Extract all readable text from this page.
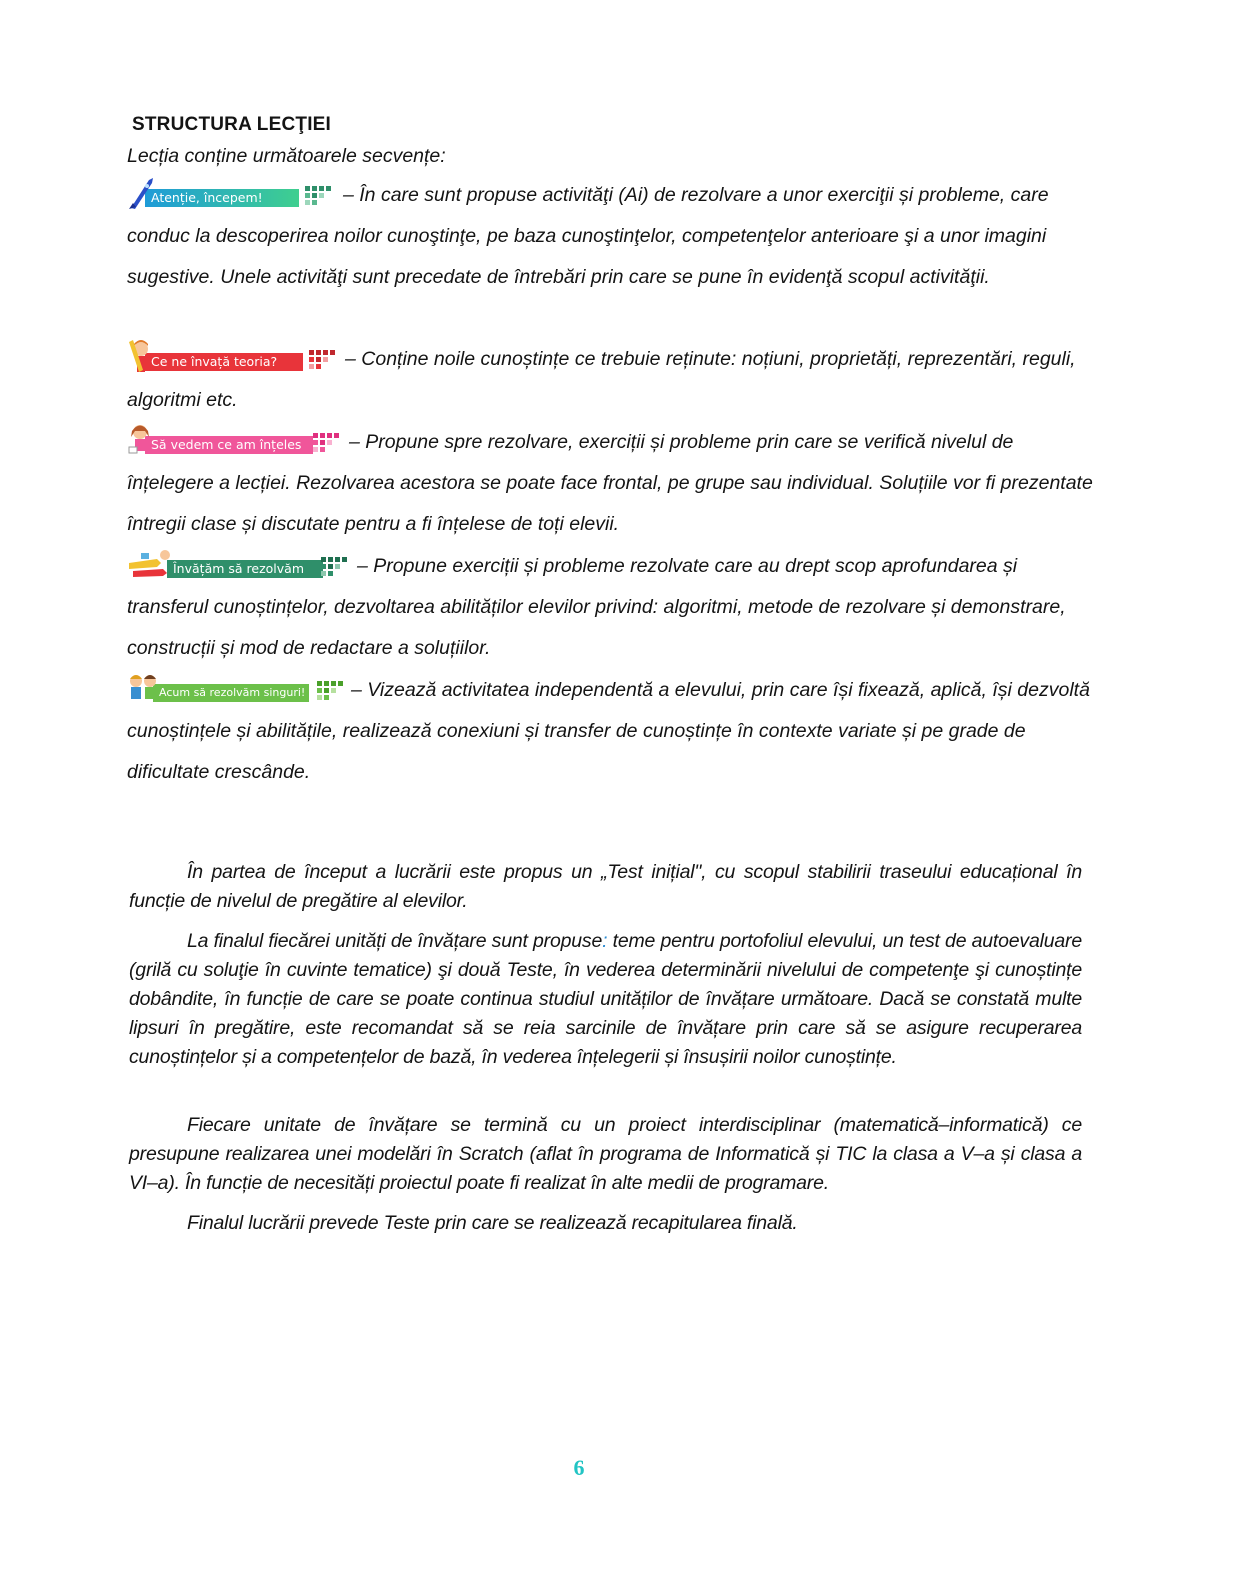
STRUCTURA LECŢIEI
Lecția conține următoarele secvențe:
Atenție, începem!	– În care sunt propuse activităţi (Ai) de rezolvare a unor exerciţii și probleme, care conduc la descoperirea noilor cunoştinţe, pe baza cunoştinţelor, competenţelor anterioare şi a unor imagini sugestive. Unele activităţi sunt precedate de întrebări prin care se pune în evidenţă scopul activităţii.
Ce ne învață teoria?	– Conține noile cunoștințe ce trebuie reținute: noțiuni, proprietăți, reprezentări, reguli, algoritmi etc.
Să vedem ce am înțeles	– Propune spre rezolvare, exerciții și probleme prin care se verifică nivelul de înțelegere a lecției. Rezolvarea acestora se poate face frontal, pe grupe sau individual. Soluțiile vor fi prezentate întregii clase și discutate pentru a fi înțelese de toți elevii.
Învățăm să rezolvăm	– Propune exerciții și probleme rezolvate care au drept scop aprofundarea și transferul cunoștințelor, dezvoltarea abilităților elevilor privind: algoritmi, metode de rezolvare și demonstrare, construcții și mod de redactare a soluțiilor.
Acum să rezolvăm singuri! – Vizează activitatea independentă a elevului, prin care își fixează, aplică, își dezvoltă cunoștințele și abilitățile, realizează conexiuni și transfer de cunoștințe în contexte variate și pe grade de dificultate crescânde.
În partea de început a lucrării este propus un „Test inițial", cu scopul stabilirii traseului educațional în funcție de nivelul de pregătire al elevilor.
La finalul fiecărei unități de învățare sunt propuse: teme pentru portofoliul elevului, un test de autoevaluare (grilă cu soluţie în cuvinte tematice) şi două Teste, în vederea determinării nivelului de competenţe şi cunoștințe dobândite, în funcție de care se poate continua studiul unităților de învățare următoare. Dacă se constată multe lipsuri în pregătire, este recomandat să se reia sarcinile de învățare prin care să se asigure recuperarea cunoștințelor și a competențelor de bază, în vederea înțelegerii și însușirii noilor cunoștințe.
Fiecare unitate de învățare se termină cu un proiect interdisciplinar (matematică–informatică) ce presupune realizarea unei modelări în Scratch (aflat în programa de Informatică și TIC la clasa a V–a și clasa a VI–a). În funcție de necesități proiectul poate fi realizat în alte medii de programare.
Finalul lucrării prevede Teste prin care se realizează recapitularea finală.
6
